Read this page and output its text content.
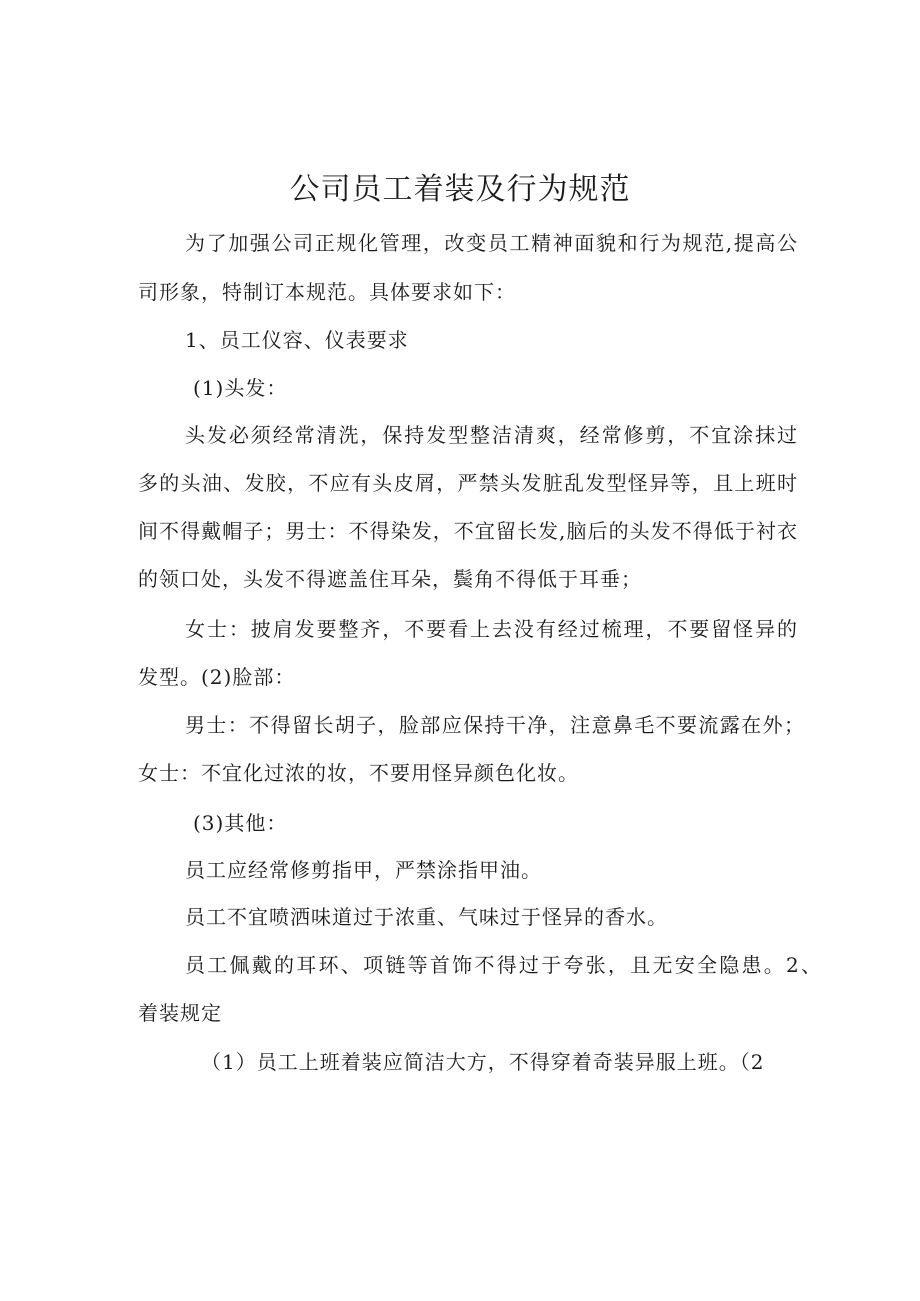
公司员工着装及行为规范

为了加强公司正规化管理，改变员工精神面貌和行为规范,提高公

司形象，特制订本规范。具体要求如下：

1、员工仪容、仪表要求

(1)头发：

头发必须经常清洗，保持发型整洁清爽，经常修剪，不宜涂抹过

多的头油、发胶，不应有头皮屑，严禁头发脏乱发型怪异等，且上班时

间不得戴帽子；男士：不得染发，不宜留长发,脑后的头发不得低于衬衣

的领口处，头发不得遮盖住耳朵，鬓角不得低于耳垂；

女士：披肩发要整齐，不要看上去没有经过梳理，不要留怪异的

发型。(2)脸部：

男士：不得留长胡子，脸部应保持干净，注意鼻毛不要流露在外；

女士：不宜化过浓的妆，不要用怪异颜色化妆。

(3)其他：

员工应经常修剪指甲，严禁涂指甲油。

员工不宜喷洒味道过于浓重、气味过于怪异的香水。

员工佩戴的耳环、项链等首饰不得过于夸张，且无安全隐患。2、

着装规定

（1）员工上班着装应简洁大方，不得穿着奇装异服上班。（2
